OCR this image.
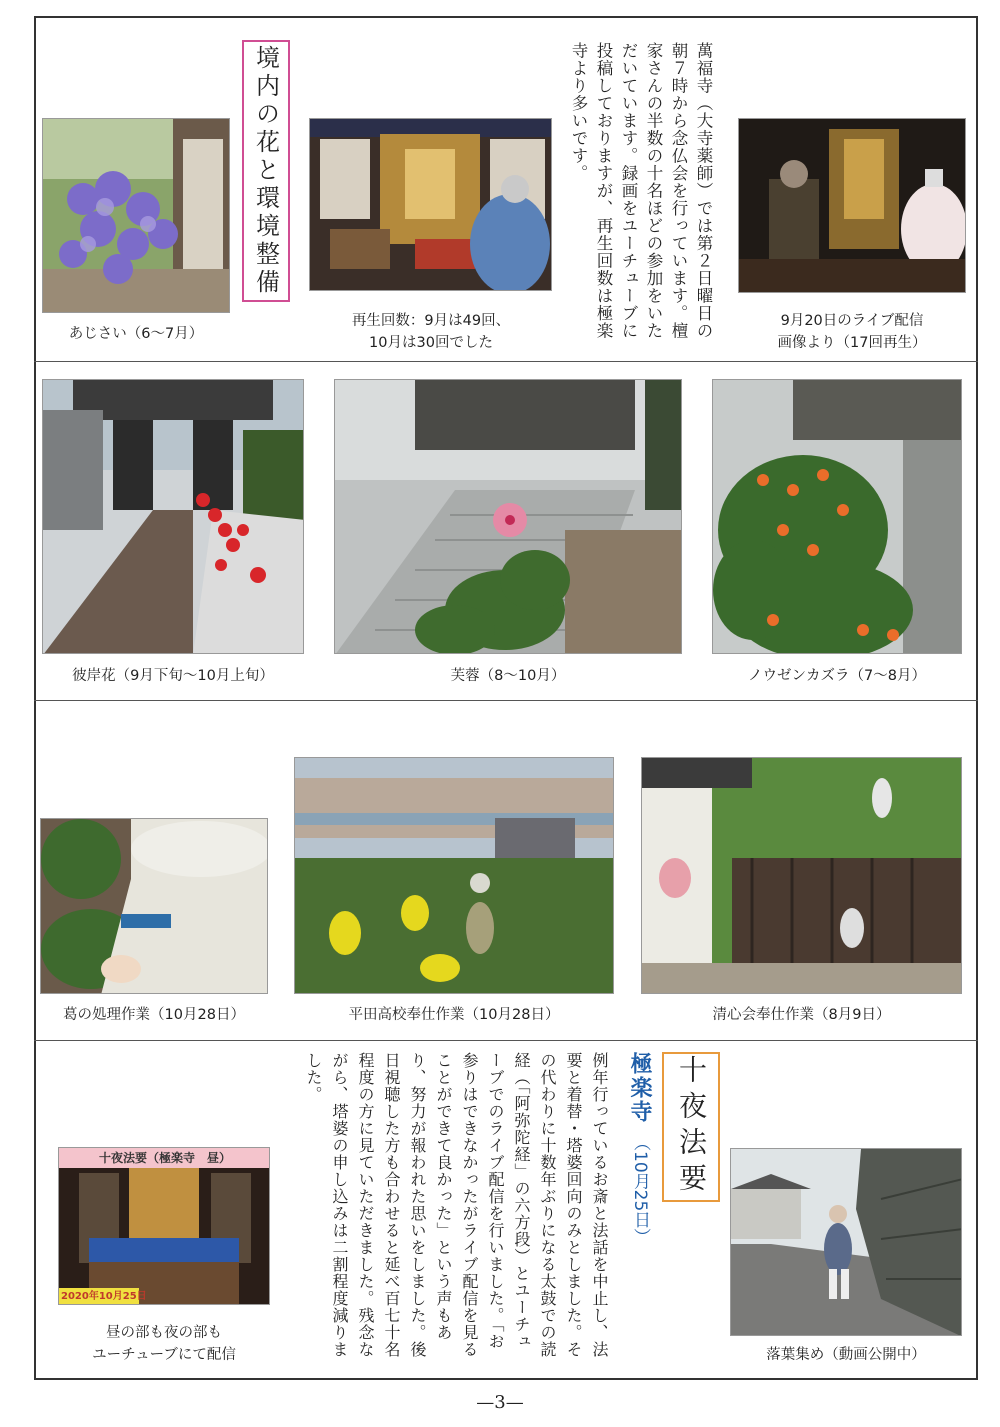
あじさい（6〜7月）
再生回数：9月は49回、
10月は30回でした
萬福寺（大寺薬師）では第２日曜日の朝７時から念仏会を行っています。檀家さんの半数の十名ほどの参加をいただいています。録画をユーチューブに投稿しておりますが、再生回数は極楽寺より多いです。
境内の花と環境整備
9月20日のライブ配信
画像より（17回再生）
彼岸花（9月下旬〜10月上旬）	芙蓉（8〜10月）	ノウゼンカズラ（7〜8月）
葛の処理作業（10月28日）	平田高校奉仕作業（10月28日）	清心会奉仕作業（8月9日）
十夜法要（極楽寺　昼）
2020年10月25日
昼の部も夜の部も
ユーチューブにて配信	例年行っているお斎と法話を中止し、法要と着替・塔婆回向のみとしました。その代わりに十数年ぶりになる太鼓での読経（「阿弥陀経」の六方段）とユーチューブでのライブ配信を行いました。「お参りはできなかったがライブ配信を見ることができて良かった」という声もあり、努力が報われた思いをしました。後日視聴した方も合わせると延べ百七十名程度の方に見ていただきました。残念ながら、塔婆の申し込みは二割程度減りました。	極楽寺
（10月25日） 十夜法要
落葉集め（動画公開中）
—3—
